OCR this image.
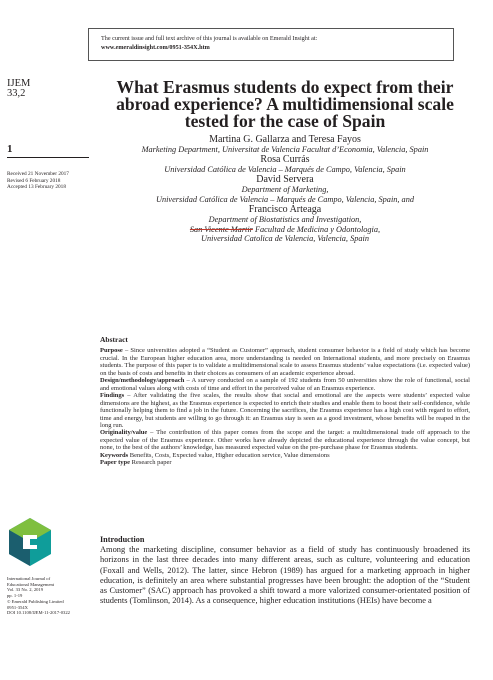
The current issue and full text archive of this journal is available on Emerald Insight at:
www.emeraldinsight.com/0951-354X.htm
IJEM
33,2
1
Received 21 November 2017
Revised 6 February 2018
Accepted 13 February 2018
What Erasmus students do expect from their abroad experience? A multidimensional scale tested for the case of Spain
Martina G. Gallarza and Teresa Fayos
Marketing Department, Universitat de Valencia Facultat d’Economia, Valencia, Spain
Rosa Currás
Universidad Católica de Valencia – Marqués de Campo, Valencia, Spain
David Servera
Department of Marketing,
Universidad Católica de Valencia – Marqués de Campo, Valencia, Spain, and
Francisco Arteaga
Department of Biostatistics and Investigation,
San Vicente Martir Facultad de Medicina y Odontologia,
Universidad Catolica de Valencia, Valencia, Spain
Abstract

Purpose – Since universities adopted a “Student as Customer” approach, student consumer behavior is a field of study which has become crucial. In the European higher education area, more understanding is needed on International students, and more precisely on Erasmus students. The purpose of this paper is to validate a multidimensional scale to assess Erasmus students’ value expectations (i.e. expected value) on the basis of costs and benefits in their choices as consumers of an academic experience abroad.

Design/methodology/approach – A survey conducted on a sample of 192 students from 50 universities show the role of functional, social and emotional values along with costs of time and effort in the perceived value of an Erasmus experience.

Findings – After validating the five scales, the results show that social and emotional are the aspects were students’ expected value dimensions are the highest, as the Erasmus experience is expected to enrich their studies and enable them to boost their self-confidence, while functionally helping them to find a job in the future. Concerning the sacrifices, the Erasmus experience has a high cost with regard to effort, time and energy, but students are willing to go through it: an Erasmus stay is seen as a good investment, whose benefits will be reaped in the long run.

Originality/value – The contribution of this paper comes from the scope and the target: a multidimensional trade off approach to the expected value of the Erasmus experience. Other works have already depicted the educational experience through the value concept, but none, to the best of the authors’ knowledge, has measured expected value on the pre-purchase phase for Erasmus students.

Keywords Benefits, Costs, Expected value, Higher education service, Value dimensions

Paper type Research paper

International Journal of
Educational Management
Vol. 33 No. 2, 2019
pp. 1-19
© Emerald Publishing Limited
0951-354X
DOI 10.1108/IJEM-11-2017-0322
Introduction

Among the marketing discipline, consumer behavior as a field of study has continuously broadened its horizons in the last three decades into many different areas, such as culture, volunteering and education (Foxall and Wells, 2012). The latter, since Hebron (1989) has argued for a marketing approach in higher education, is definitely an area where substantial progresses have been brought: the adoption of the “Student as Customer” (SAC) approach has provoked a shift toward a more valorized consumer-orientated position of students (Tomlinson, 2014). As a consequence, higher education institutions (HEIs) have become a
